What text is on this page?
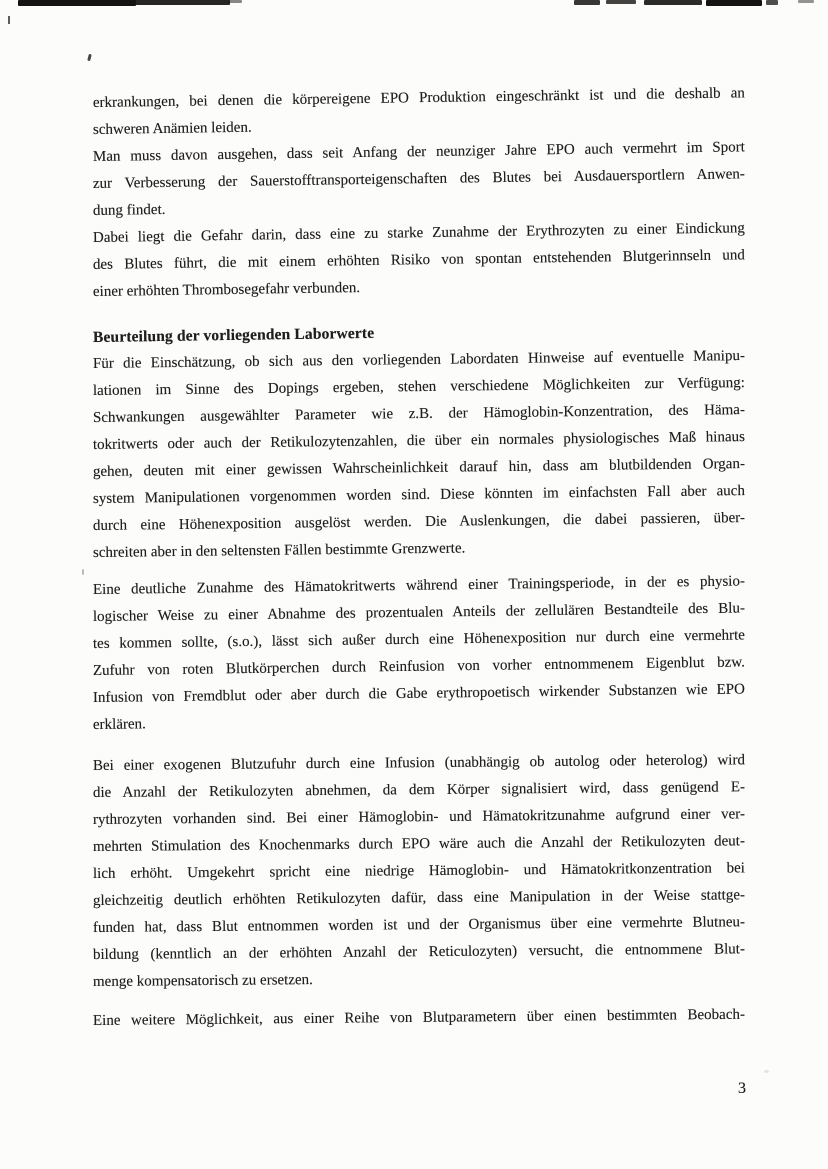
erkrankungen, bei denen die körpereigene EPO Produktion eingeschränkt ist und die deshalb an
schweren Anämien leiden.
Man muss davon ausgehen, dass seit Anfang der neunziger Jahre EPO auch vermehrt im Sport
zur Verbesserung der Sauerstofftransporteigenschaften des Blutes bei Ausdauersportlern Anwen-
dung findet.
Dabei liegt die Gefahr darin, dass eine zu starke Zunahme der Erythrozyten zu einer Eindickung
des Blutes führt, die mit einem erhöhten Risiko von spontan entstehenden Blutgerinnseln und
einer erhöhten Thrombosegefahr verbunden.
Beurteilung der vorliegenden Laborwerte
Für die Einschätzung, ob sich aus den vorliegenden Labordaten Hinweise auf eventuelle Manipu-
lationen im Sinne des Dopings ergeben, stehen verschiedene Möglichkeiten zur Verfügung:
Schwankungen ausgewählter Parameter wie z.B. der Hämoglobin-Konzentration, des Häma-
tokritwerts oder auch der Retikulozytenzahlen, die über ein normales physiologisches Maß hinaus
gehen, deuten mit einer gewissen Wahrscheinlichkeit darauf hin, dass am blutbildenden Organ-
system Manipulationen vorgenommen worden sind. Diese könnten im einfachsten Fall aber auch
durch eine Höhenexposition ausgelöst werden. Die Auslenkungen, die dabei passieren, über-
schreiten aber in den seltensten Fällen bestimmte Grenzwerte.
Eine deutliche Zunahme des Hämatokritwerts während einer Trainingsperiode, in der es physio-
logischer Weise zu einer Abnahme des prozentualen Anteils der zellulären Bestandteile des Blu-
tes kommen sollte, (s.o.), lässt sich außer durch eine Höhenexposition nur durch eine vermehrte
Zufuhr von roten Blutkörperchen durch Reinfusion von vorher entnommenem Eigenblut bzw.
Infusion von Fremdblut oder aber durch die Gabe erythropoetisch wirkender Substanzen wie EPO
erklären.
Bei einer exogenen Blutzufuhr durch eine Infusion (unabhängig ob autolog oder heterolog) wird
die Anzahl der Retikulozyten abnehmen, da dem Körper signalisiert wird, dass genügend E-
rythrozyten vorhanden sind. Bei einer Hämoglobin- und Hämatokritzunahme aufgrund einer ver-
mehrten Stimulation des Knochenmarks durch EPO wäre auch die Anzahl der Retikulozyten deut-
lich erhöht. Umgekehrt spricht eine niedrige Hämoglobin- und Hämatokritkonzentration bei
gleichzeitig deutlich erhöhten Retikulozyten dafür, dass eine Manipulation in der Weise stattge-
funden hat, dass Blut entnommen worden ist und der Organismus über eine vermehrte Blutneu-
bildung (kenntlich an der erhöhten Anzahl der Reticulozyten) versucht, die entnommene Blut-
menge kompensatorisch zu ersetzen.
Eine weitere Möglichkeit, aus einer Reihe von Blutparametern über einen bestimmten Beobach-
3
